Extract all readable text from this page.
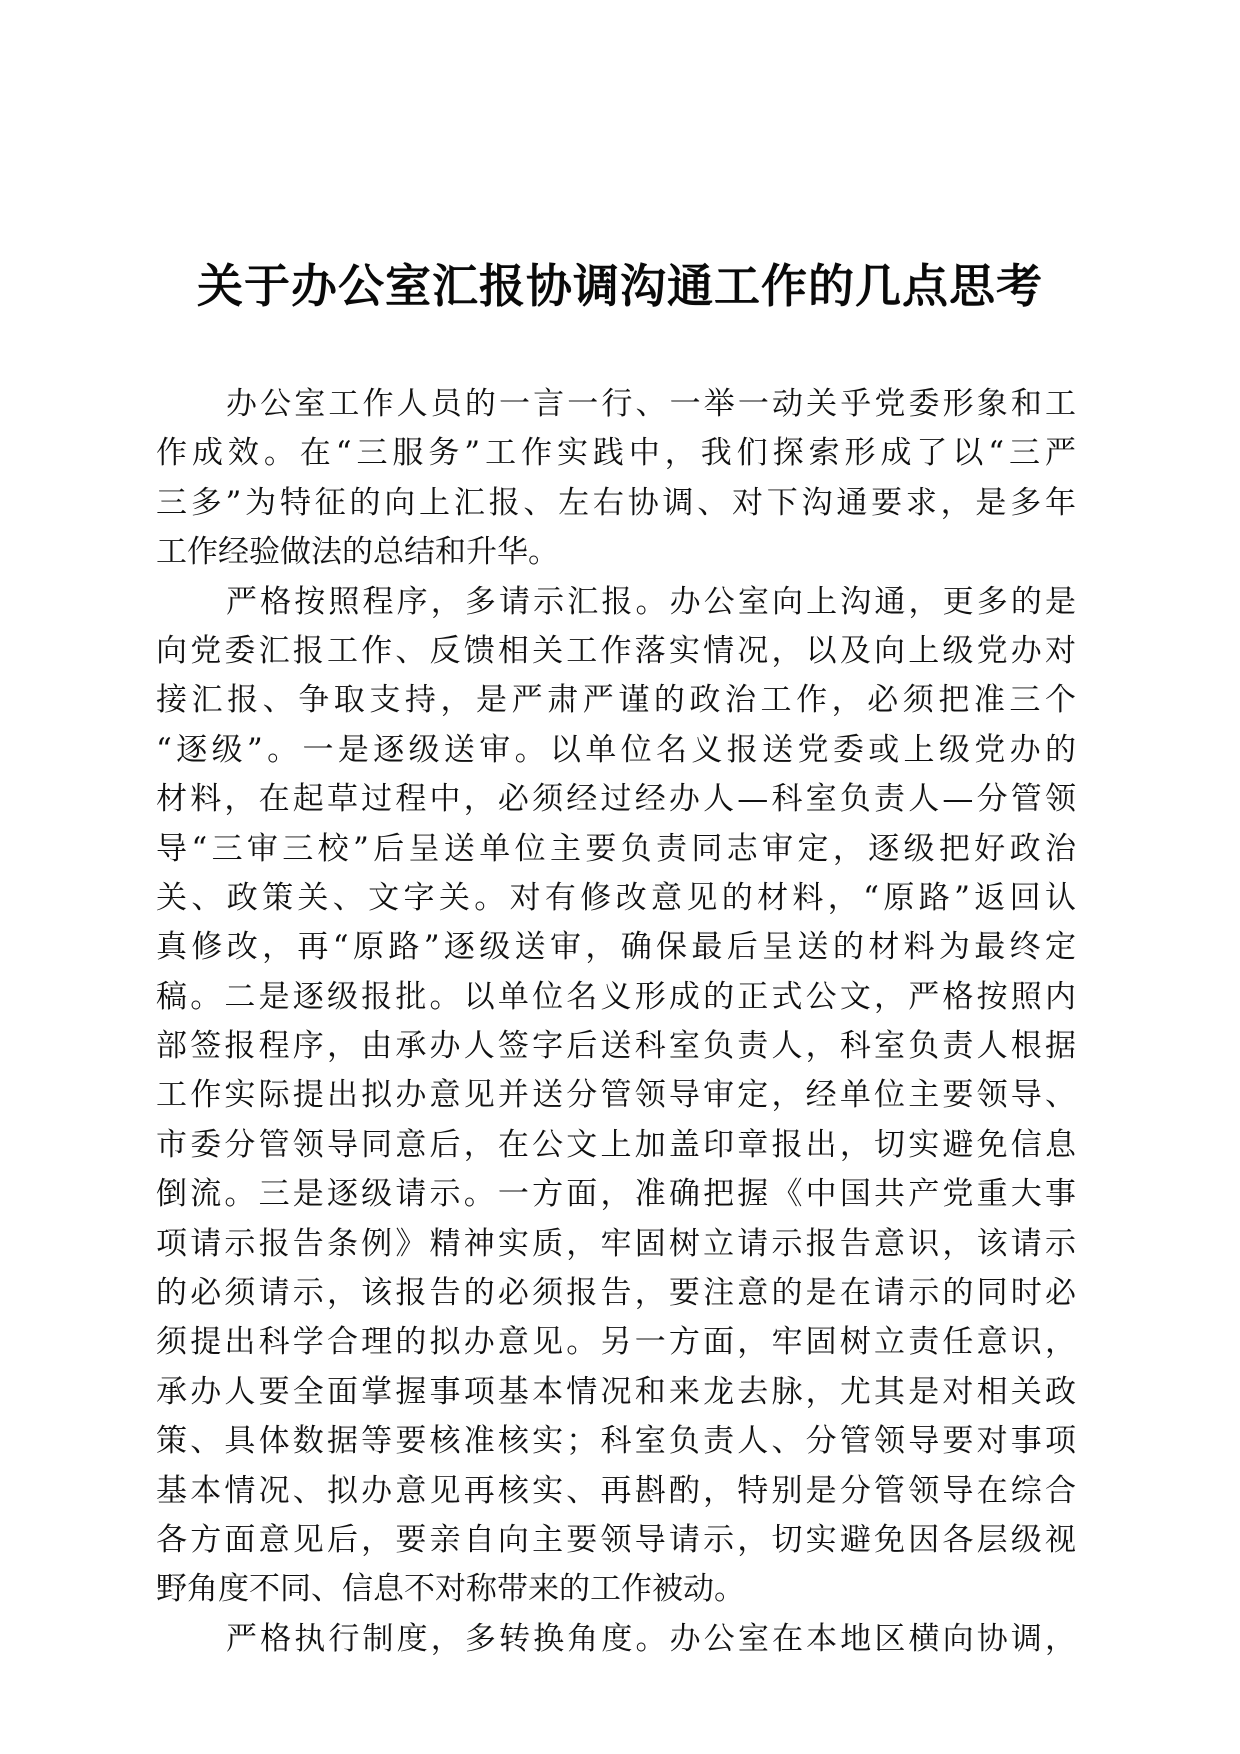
关于办公室汇报协调沟通工作的几点思考
办公室工作人员的一言一行、一举一动关乎党委形象和工
作成效。在“三服务”工作实践中，我们探索形成了以“三严
三多”为特征的向上汇报、左右协调、对下沟通要求，是多年
工作经验做法的总结和升华。
严格按照程序，多请示汇报。办公室向上沟通，更多的是
向党委汇报工作、反馈相关工作落实情况，以及向上级党办对
接汇报、争取支持，是严肃严谨的政治工作，必须把准三个
“逐级”。一是逐级送审。以单位名义报送党委或上级党办的
材料，在起草过程中，必须经过经办人—科室负责人—分管领
导“三审三校”后呈送单位主要负责同志审定，逐级把好政治
关、政策关、文字关。对有修改意见的材料，“原路”返回认
真修改，再“原路”逐级送审，确保最后呈送的材料为最终定
稿。二是逐级报批。以单位名义形成的正式公文，严格按照内
部签报程序，由承办人签字后送科室负责人，科室负责人根据
工作实际提出拟办意见并送分管领导审定，经单位主要领导、
市委分管领导同意后，在公文上加盖印章报出，切实避免信息
倒流。三是逐级请示。一方面，准确把握《中国共产党重大事
项请示报告条例》精神实质，牢固树立请示报告意识，该请示
的必须请示，该报告的必须报告，要注意的是在请示的同时必
须提出科学合理的拟办意见。另一方面，牢固树立责任意识，
承办人要全面掌握事项基本情况和来龙去脉，尤其是对相关政
策、具体数据等要核准核实；科室负责人、分管领导要对事项
基本情况、拟办意见再核实、再斟酌，特别是分管领导在综合
各方面意见后，要亲自向主要领导请示，切实避免因各层级视
野角度不同、信息不对称带来的工作被动。
严格执行制度，多转换角度。办公室在本地区横向协调，
